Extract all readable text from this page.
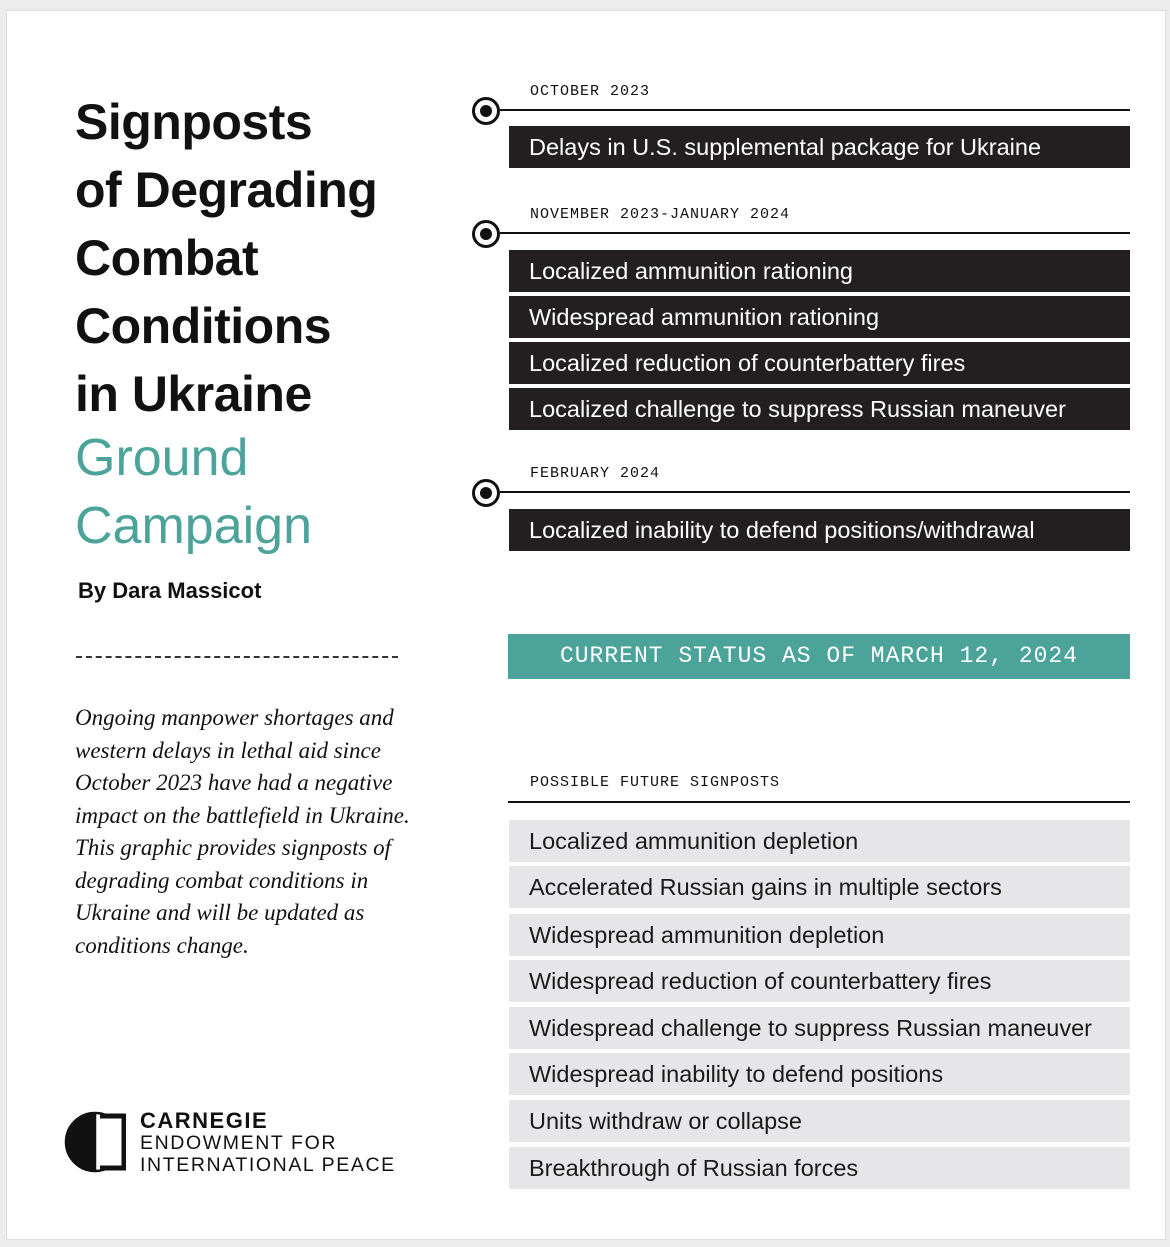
Signposts
of Degrading
Combat
Conditions
in Ukraine
Ground
Campaign

By Dara Massicot

Ongoing manpower shortages and western delays in lethal aid since October 2023 have had a negative impact on the battlefield in Ukraine. This graphic provides signposts of degrading combat conditions in Ukraine and will be updated as conditions change.

CARNEGIE
ENDOWMENT FOR
INTERNATIONAL PEACE
OCTOBER 2023
Delays in U.S. supplemental package for Ukraine
NOVEMBER 2023-JANUARY 2024
Localized ammunition rationing
Widespread ammunition rationing
Localized reduction of counterbattery fires
Localized challenge to suppress Russian maneuver
FEBRUARY 2024
Localized inability to defend positions/withdrawal
CURRENT STATUS AS OF MARCH 12, 2024
POSSIBLE FUTURE SIGNPOSTS
Localized ammunition depletion
Accelerated Russian gains in multiple sectors
Widespread ammunition depletion
Widespread reduction of counterbattery fires
Widespread challenge to suppress Russian maneuver
Widespread inability to defend positions
Units withdraw or collapse
Breakthrough of Russian forces
